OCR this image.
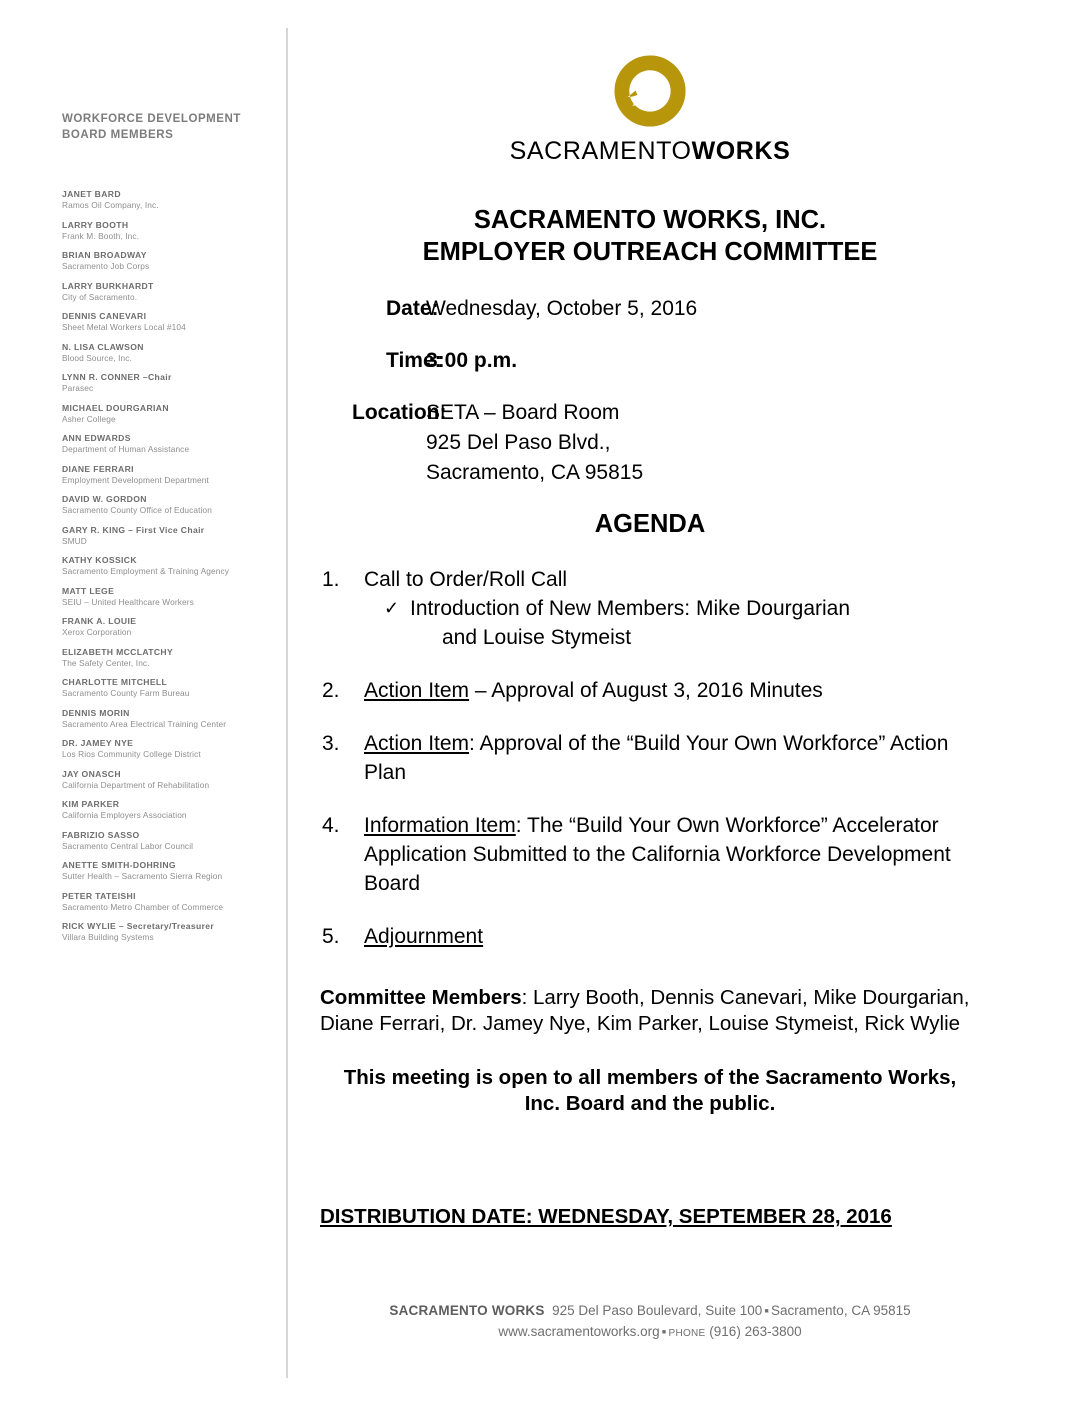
WORKFORCE DEVELOPMENT
BOARD MEMBERS
JANET BARD
Ramos Oil Company, Inc.
LARRY BOOTH
Frank M. Booth, Inc.
BRIAN BROADWAY
Sacramento Job Corps
LARRY BURKHARDT
City of Sacramento.
DENNIS CANEVARI
Sheet Metal Workers Local #104
N. LISA CLAWSON
Blood Source, Inc.
LYNN R. CONNER –Chair
Parasec
MICHAEL DOURGARIAN
Asher College
ANN EDWARDS
Department of Human Assistance
DIANE FERRARI
Employment Development Department
DAVID W. GORDON
Sacramento County Office of Education
GARY R. KING – First Vice Chair
SMUD
KATHY KOSSICK
Sacramento Employment & Training Agency
MATT LEGE
SEIU – United Healthcare Workers
FRANK A. LOUIE
Xerox Corporation
ELIZABETH MCCLATCHY
The Safety Center, Inc.
CHARLOTTE MITCHELL
Sacramento County Farm Bureau
DENNIS MORIN
Sacramento Area Electrical Training Center
DR. JAMEY NYE
Los Rios Community College District
JAY ONASCH
California Department of Rehabilitation
KIM PARKER
California Employers Association
FABRIZIO SASSO
Sacramento Central Labor Council
ANETTE SMITH-DOHRING
Sutter Health – Sacramento Sierra Region
PETER TATEISHI
Sacramento Metro Chamber of Commerce
RICK WYLIE – Secretary/Treasurer
Villara Building Systems
SACRAMENTOWORKS
SACRAMENTO WORKS, INC.
EMPLOYER OUTREACH COMMITTEE
Date:
Wednesday, October 5, 2016
Time:
3:00 p.m.
Location:
SETA – Board Room
925 Del Paso Blvd.,
Sacramento, CA 95815
AGENDA
1.	Call to Order/Roll Call
✓ Introduction of New Members: Mike Dourgarian
and Louise Stymeist
2.	Action Item – Approval of August 3, 2016 Minutes
3.	Action Item: Approval of the “Build Your Own Workforce” Action Plan
4.	Information Item: The “Build Your Own Workforce” Accelerator Application Submitted to the California Workforce Development Board
5.	Adjournment
Committee Members: Larry Booth, Dennis Canevari, Mike Dourgarian, Diane Ferrari, Dr. Jamey Nye, Kim Parker, Louise Stymeist, Rick Wylie
This meeting is open to all members of the Sacramento Works, Inc. Board and the public.
DISTRIBUTION DATE: WEDNESDAY, SEPTEMBER 28, 2016
SACRAMENTO WORKS 925 Del Paso Boulevard, Suite 100 ▪ Sacramento, CA 95815
www.sacramentoworks.org ▪ PHONE (916) 263-3800
